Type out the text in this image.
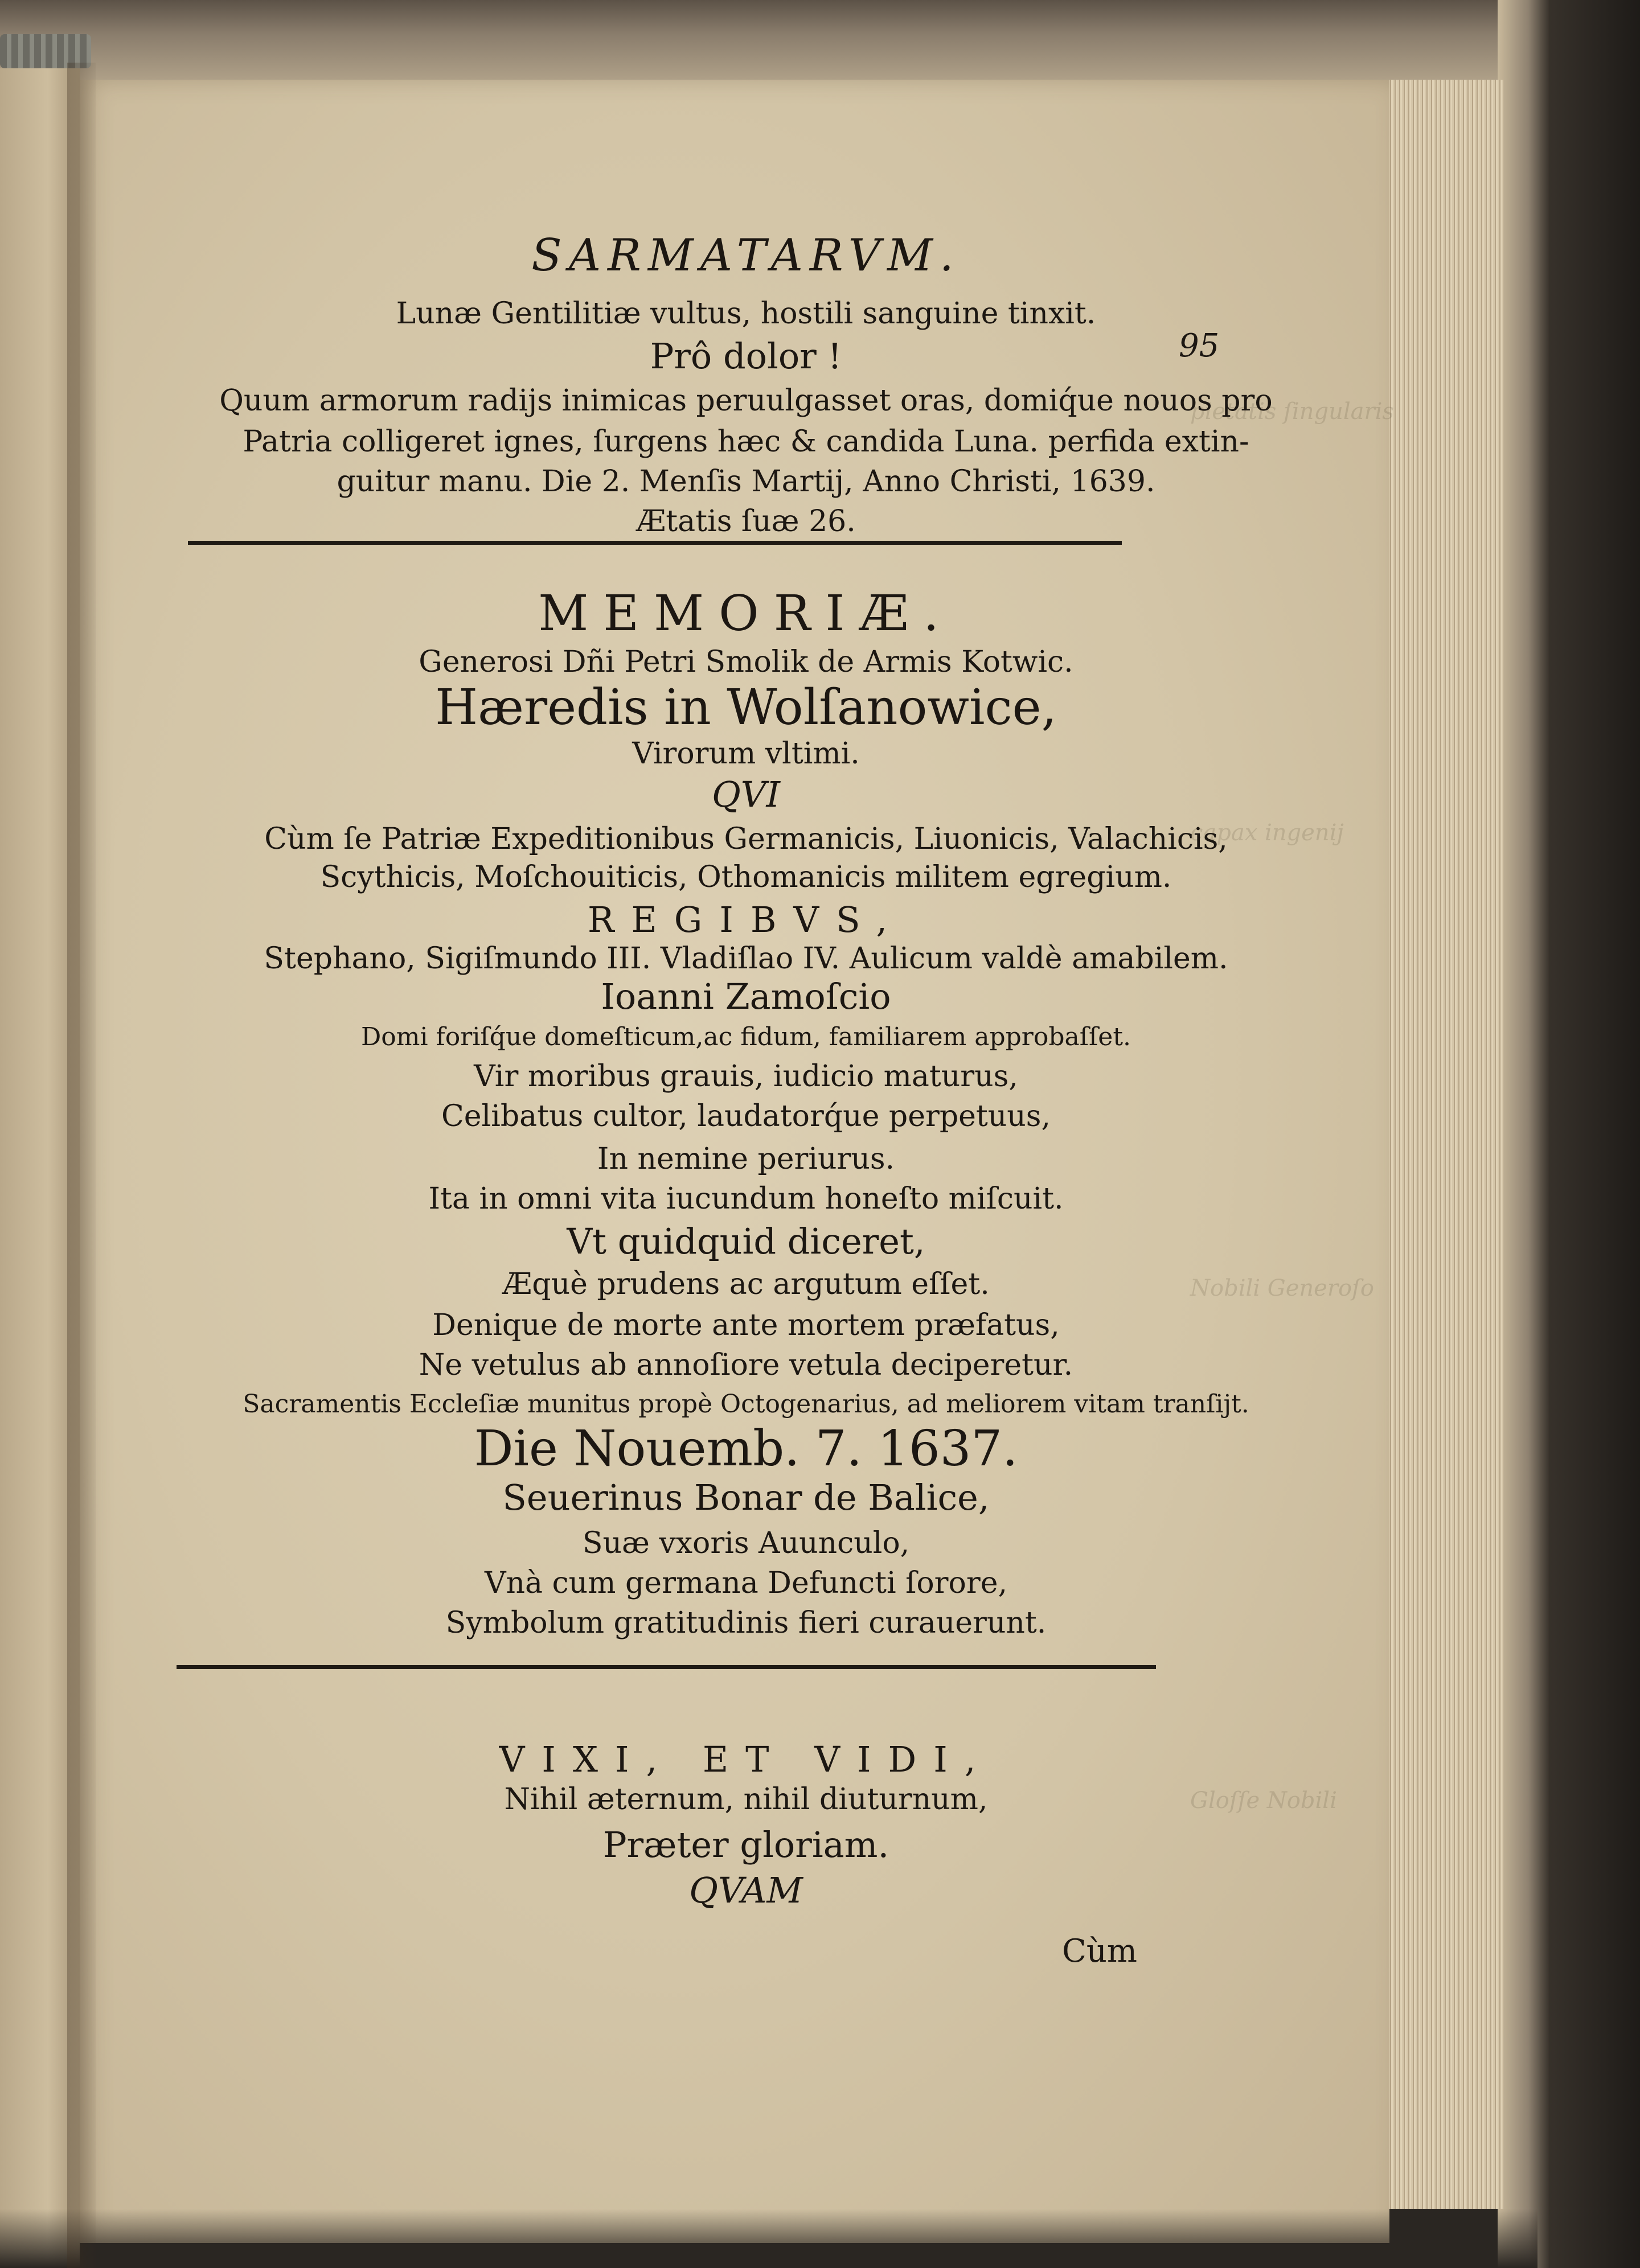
pietatis ſingularis
capax ingenij
Nobili Generoſo
Gloſſe Nobili
SARMATARVM.
95
Lunæ Gentilitiæ vultus, hostili sanguine tinxit.
Prô dolor !
Quum armorum radijs inimicas peruulgasset oras, domiq́ue nouos pro
Patria colligeret ignes, ſurgens hæc & candida Luna. perfida extin-
guitur manu. Die 2. Menſis Martij, Anno Christi, 1639.
Ætatis ſuæ 26.
MEMORIÆ.
Generosi Dñi Petri Smolik de Armis Kotwic.
Hæredis in Wolſanowice,
Virorum vltimi.
QVI
Cùm ſe Patriæ Expeditionibus Germanicis, Liuonicis, Valachicis,
Scythicis, Moſchouiticis, Othomanicis militem egregium.
REGIBVS,
Stephano, Sigiſmundo III. Vladiſlao IV. Aulicum valdè amabilem.
Ioanni Zamoſcio
Domi foriſq́ue domeſticum,ac fidum, familiarem approbaſſet.
Vir moribus grauis, iudicio maturus,
Celibatus cultor, laudatorq́ue perpetuus,
In nemine periurus.
Ita in omni vita iucundum honeſto miſcuit.
Vt quidquid diceret,
Æquè prudens ac argutum eſſet.
Denique de morte ante mortem præfatus,
Ne vetulus ab annoſiore vetula deciperetur.
Sacramentis Eccleſiæ munitus propè Octogenarius, ad meliorem vitam tranſijt.
Die Nouemb. 7. 1637.
Seuerinus Bonar de Balice,
Suæ vxoris Auunculo,
Vnà cum germana Defuncti ſorore,
Symbolum gratitudinis fieri curauerunt.
VIXI, ET VIDI,
Nihil æternum, nihil diuturnum,
Præter gloriam.
QVAM
Cùm
